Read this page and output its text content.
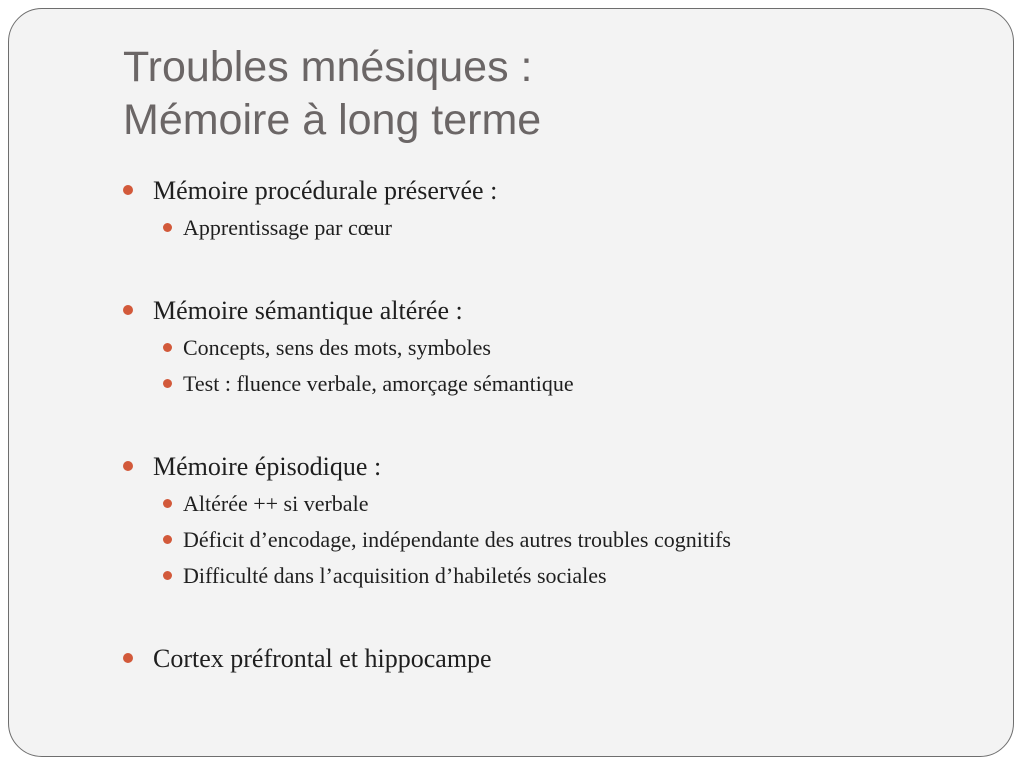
Troubles mnésiques :
Mémoire à long terme
Mémoire procédurale préservée :
Apprentissage par cœur
Mémoire sémantique altérée :
Concepts, sens des mots, symboles
Test : fluence verbale, amorçage sémantique
Mémoire épisodique :
Altérée ++ si verbale
Déficit d’encodage, indépendante des autres troubles cognitifs
Difficulté dans l’acquisition d’habiletés sociales
Cortex préfrontal et hippocampe
